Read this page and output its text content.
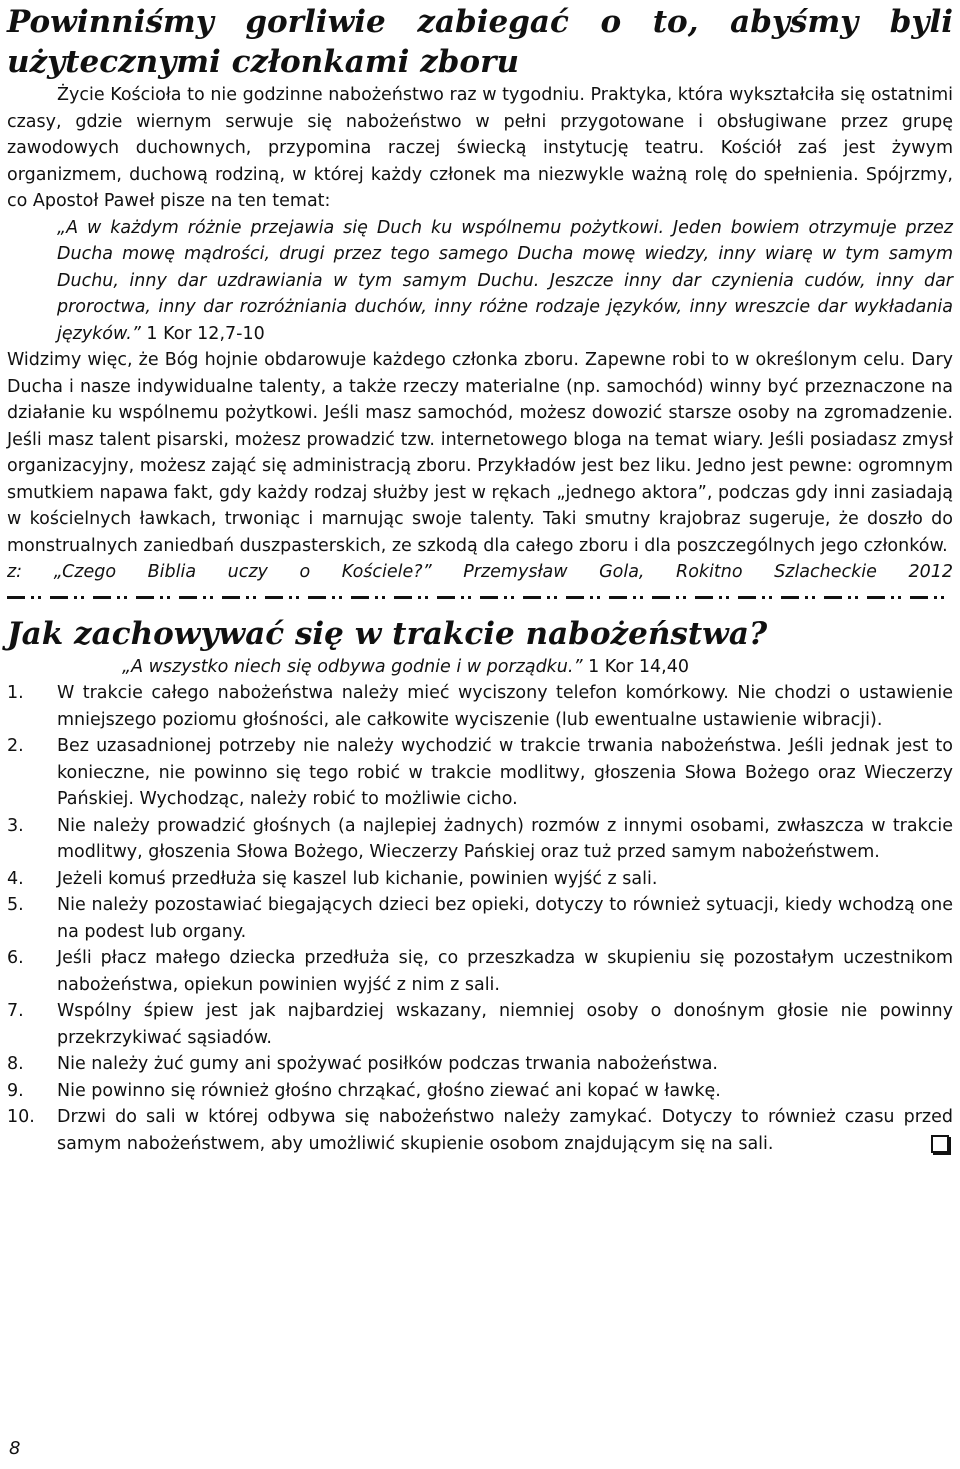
Powinniśmy gorliwie zabiegać o to, abyśmy byli użytecznymi członkami zboru

Życie Kościoła to nie godzinne nabożeństwo raz w tygodniu. Praktyka, która wykształciła się ostatnimi czasy, gdzie wiernym serwuje się nabożeństwo w pełni przygotowane i obsługiwane przez grupę zawodowych duchownych, przypomina raczej świecką instytucję teatru. Kościół zaś jest żywym organizmem, duchową rodziną, w której każdy członek ma niezwykle ważną rolę do spełnienia. Spójrzmy, co Apostoł Paweł pisze na ten temat:

„A w każdym różnie przejawia się Duch ku wspólnemu pożytkowi. Jeden bowiem otrzymuje przez Ducha mowę mądrości, drugi przez tego samego Ducha mowę wiedzy, inny wiarę w tym samym Duchu, inny dar uzdrawiania w tym samym Duchu. Jeszcze inny dar czynienia cudów, inny dar proroctwa, inny dar rozróżniania duchów, inny różne rodzaje języków, inny wreszcie dar wykładania języków.” 1 Kor 12,7-10

Widzimy więc, że Bóg hojnie obdarowuje każdego członka zboru. Zapewne robi to w określonym celu. Dary Ducha i nasze indywidualne talenty, a także rzeczy materialne (np. samochód) winny być przeznaczone na działanie ku wspólnemu pożytkowi. Jeśli masz samochód, możesz dowozić starsze osoby na zgromadzenie. Jeśli masz talent pisarski, możesz prowadzić tzw. internetowego bloga na temat wiary. Jeśli posiadasz zmysł organizacyjny, możesz zająć się administracją zboru. Przykładów jest bez liku. Jedno jest pewne: ogromnym smutkiem napawa fakt, gdy każdy rodzaj służby jest w rękach „jednego aktora”, podczas gdy inni zasiadają w kościelnych ławkach, trwoniąc i marnując swoje talenty. Taki smutny krajobraz sugeruje, że doszło do monstrualnych zaniedbań duszpasterskich, ze szkodą dla całego zboru i dla poszczególnych jego członków.

z: „Czego Biblia uczy o Kościele?” Przemysław Gola, Rokitno Szlacheckie 2012

Jak zachowywać się w trakcie nabożeństwa?

„A wszystko niech się odbywa godnie i w porządku.” 1 Kor 14,40

1. W trakcie całego nabożeństwa należy mieć wyciszony telefon komórkowy. Nie chodzi o ustawienie mniejszego poziomu głośności, ale całkowite wyciszenie (lub ewentualne ustawienie wibracji).
2. Bez uzasadnionej potrzeby nie należy wychodzić w trakcie trwania nabożeństwa. Jeśli jednak jest to konieczne, nie powinno się tego robić w trakcie modlitwy, głoszenia Słowa Bożego oraz Wieczerzy Pańskiej. Wychodząc, należy robić to możliwie cicho.
3. Nie należy prowadzić głośnych (a najlepiej żadnych) rozmów z innymi osobami, zwłaszcza w trakcie modlitwy, głoszenia Słowa Bożego, Wieczerzy Pańskiej oraz tuż przed samym nabożeństwem.
4. Jeżeli komuś przedłuża się kaszel lub kichanie, powinien wyjść z sali.
5. Nie należy pozostawiać biegających dzieci bez opieki, dotyczy to również sytuacji, kiedy wchodzą one na podest lub organy.
6. Jeśli płacz małego dziecka przedłuża się, co przeszkadza w skupieniu się pozostałym uczestnikom nabożeństwa, opiekun powinien wyjść z nim z sali.
7. Wspólny śpiew jest jak najbardziej wskazany, niemniej osoby o donośnym głosie nie powinny przekrzykiwać sąsiadów.
8. Nie należy żuć gumy ani spożywać posiłków podczas trwania nabożeństwa.
9. Nie powinno się również głośno chrząkać, głośno ziewać ani kopać w ławkę.
10. Drzwi do sali w której odbywa się nabożeństwo należy zamykać. Dotyczy to również czasu przed samym nabożeństwem, aby umożliwić skupienie osobom znajdującym się na sali.
8
